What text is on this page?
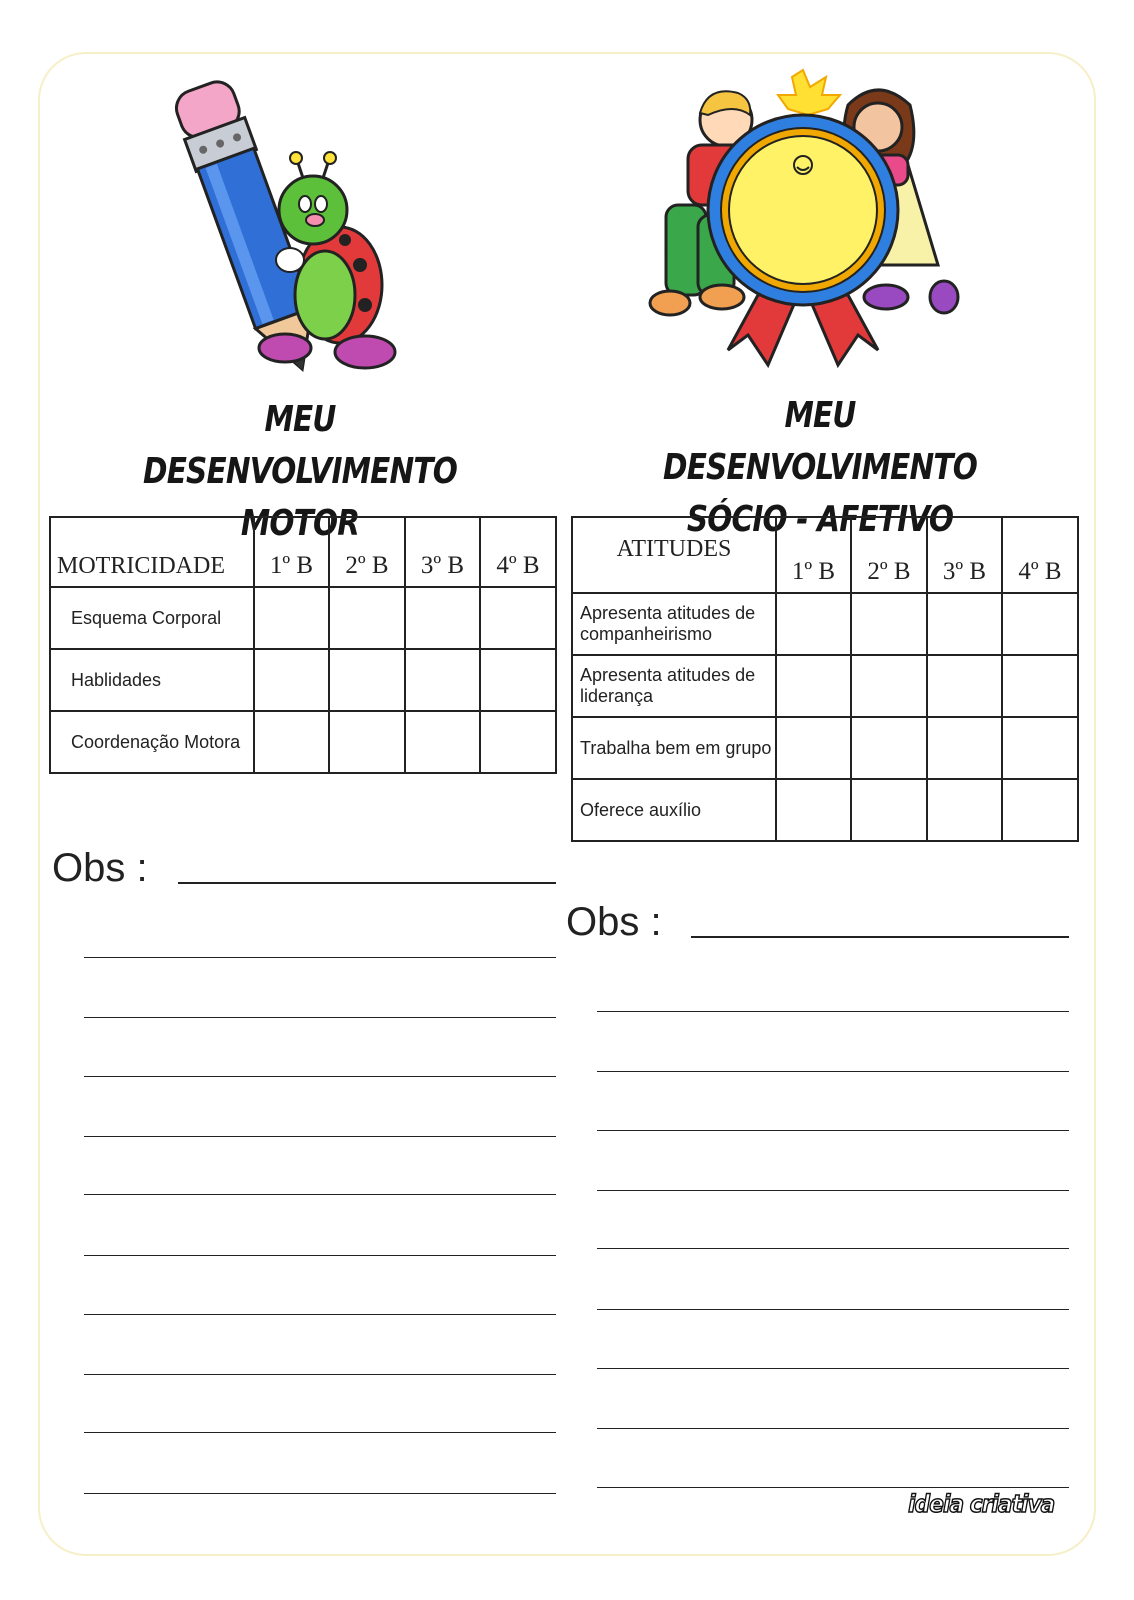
MEU DESENVOLVIMENTO
MOTOR
MEU DESENVOLVIMENTO
SÓCIO - AFETIVO
MOTRICIDADE	1º B	2º B	3º B	4º B
Esquema Corporal				
Hablidades				
Coordenação Motora				
ATITUDES	1º B	2º B	3º B	4º B
Apresenta atitudes de companheirismo				
Apresenta atitudes de liderança				
Trabalha bem em grupo				
Oferece auxílio				
Obs :
Obs :
ideia criativa
